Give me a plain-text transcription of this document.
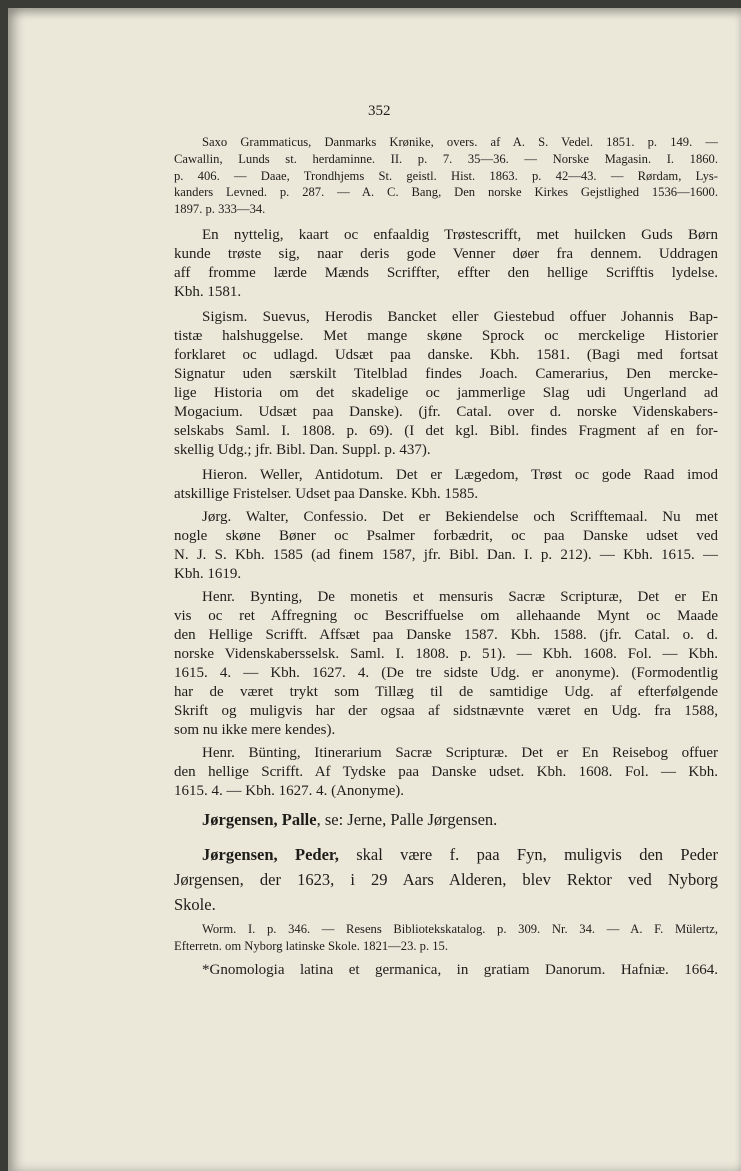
352
Saxo Grammaticus, Danmarks Krønike, overs. af A. S. Vedel. 1851. p. 149. —
Cawallin, Lunds st. herdaminne. II. p. 7. 35—36. — Norske Magasin. I. 1860.
p. 406. — Daae, Trondhjems St. geistl. Hist. 1863. p. 42—43. — Rørdam, Lys-
kanders Levned. p. 287. — A. C. Bang, Den norske Kirkes Gejstlighed 1536—1600.
1897. p. 333—34.
En nyttelig, kaart oc enfaaldig Trøstescrifft, met huilcken Guds Børn
kunde trøste sig, naar deris gode Venner døer fra dennem. Uddragen
aff fromme lærde Mænds Scriffter, effter den hellige Scrifftis lydelse.
Kbh. 1581.
Sigism. Suevus, Herodis Bancket eller Giestebud offuer Johannis Bap-
tistæ halshuggelse. Met mange skøne Sprock oc merckelige Historier
forklaret oc udlagd. Udsæt paa danske. Kbh. 1581. (Bagi med fortsat
Signatur uden særskilt Titelblad findes Joach. Camerarius, Den mercke-
lige Historia om det skadelige oc jammerlige Slag udi Ungerland ad
Mogacium. Udsæt paa Danske). (jfr. Catal. over d. norske Videnskabers-
selskabs Saml. I. 1808. p. 69). (I det kgl. Bibl. findes Fragment af en for-
skellig Udg.; jfr. Bibl. Dan. Suppl. p. 437).
Hieron. Weller, Antidotum. Det er Lægedom, Trøst oc gode Raad imod
atskillige Fristelser. Udset paa Danske. Kbh. 1585.
Jørg. Walter, Confessio. Det er Bekiendelse och Scrifftemaal. Nu met
nogle skøne Bøner oc Psalmer forbædrit, oc paa Danske udset ved
N. J. S. Kbh. 1585 (ad finem 1587, jfr. Bibl. Dan. I. p. 212). — Kbh. 1615. —
Kbh. 1619.
Henr. Bynting, De monetis et mensuris Sacræ Scripturæ, Det er En
vis oc ret Affregning oc Bescriffuelse om allehaande Mynt oc Maade
den Hellige Scrifft. Affsæt paa Danske 1587. Kbh. 1588. (jfr. Catal. o. d.
norske Videnskabersselsk. Saml. I. 1808. p. 51). — Kbh. 1608. Fol. — Kbh.
1615. 4. — Kbh. 1627. 4. (De tre sidste Udg. er anonyme). (Formodentlig
har de været trykt som Tillæg til de samtidige Udg. af efterfølgende
Skrift og muligvis har der ogsaa af sidstnævnte været en Udg. fra 1588,
som nu ikke mere kendes).
Henr. Bünting, Itinerarium Sacræ Scripturæ. Det er En Reisebog offuer
den hellige Scrifft. Af Tydske paa Danske udset. Kbh. 1608. Fol. — Kbh.
1615. 4. — Kbh. 1627. 4. (Anonyme).
Jørgensen, Palle, se: Jerne, Palle Jørgensen.
Jørgensen, Peder, skal være f. paa Fyn, muligvis den Peder
Jørgensen, der 1623, i 29 Aars Alderen, blev Rektor ved Nyborg
Skole.
Worm. I. p. 346. — Resens Bibliotekskatalog. p. 309. Nr. 34. — A. F. Mülertz,
Efterretn. om Nyborg latinske Skole. 1821—23. p. 15.
*Gnomologia latina et germanica, in gratiam Danorum. Hafniæ. 1664.
